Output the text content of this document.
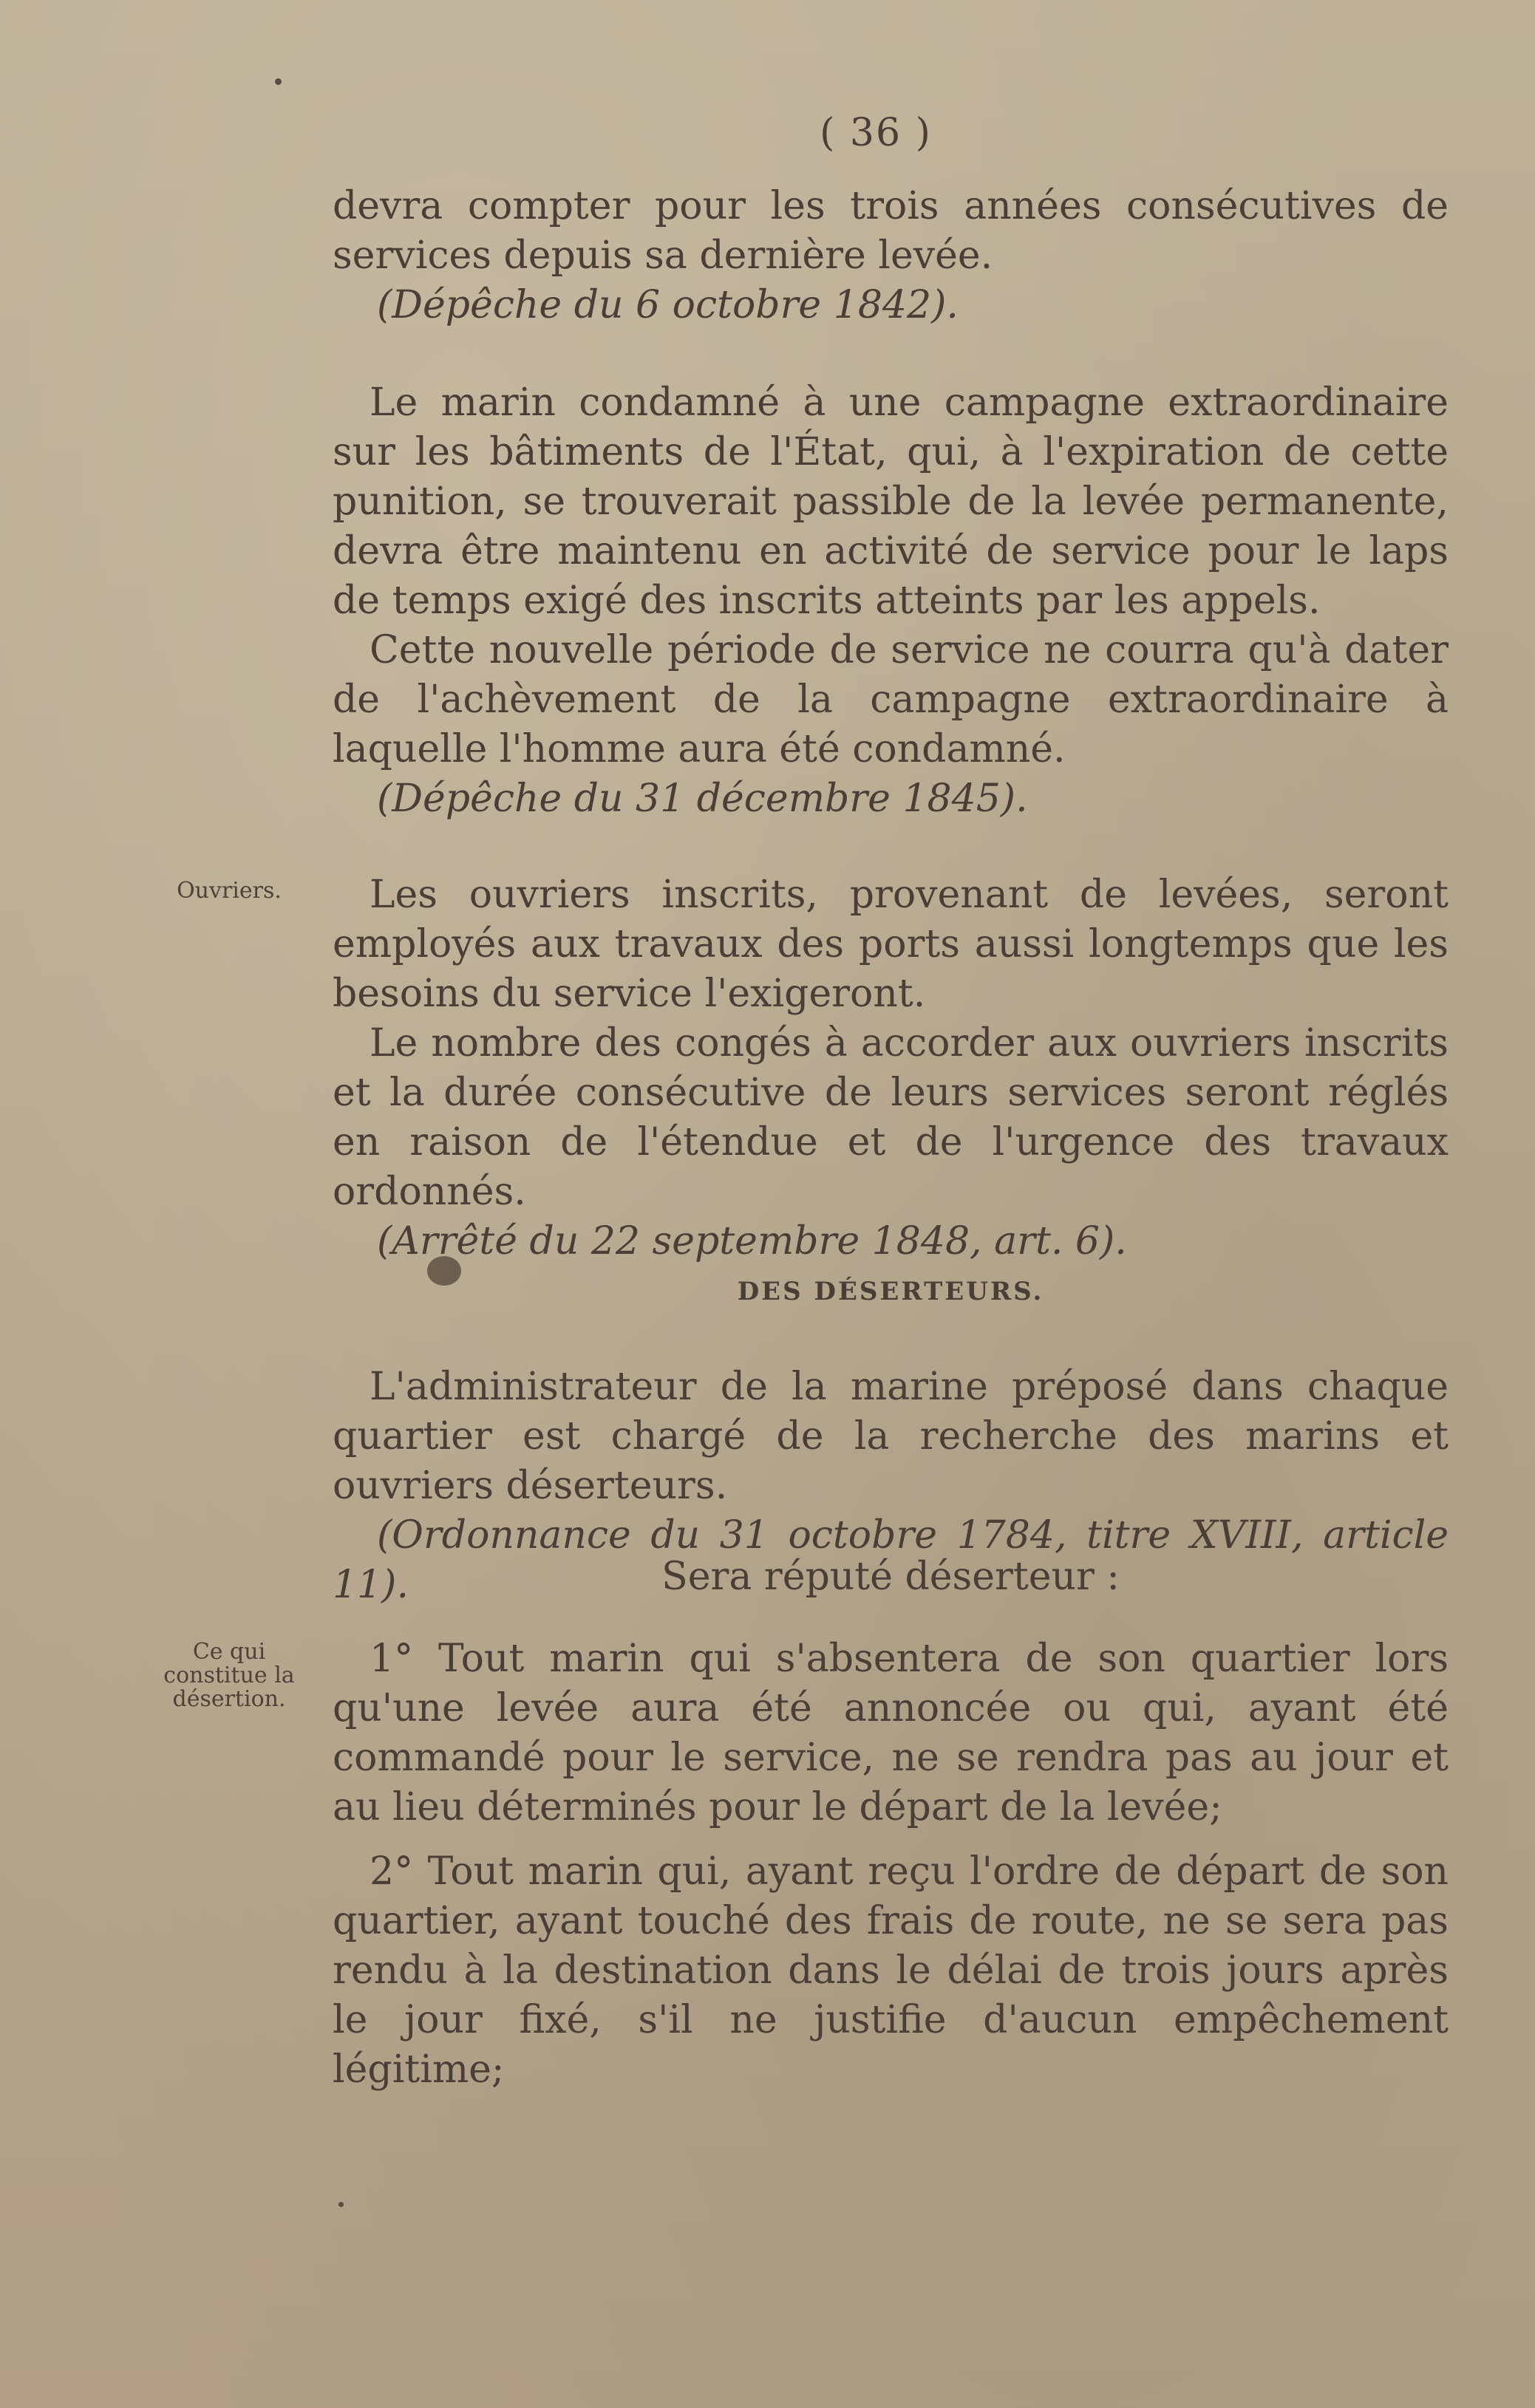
( 36 )

devra compter pour les trois années consécutives de services depuis sa dernière levée.

(Dépêche du 6 octobre 1842).

Le marin condamné à une campagne extraordinaire sur les bâtiments de l'État, qui, à l'expiration de cette punition, se trouverait passible de la levée permanente, devra être maintenu en activité de service pour le laps de temps exigé des inscrits atteints par les appels.

Cette nouvelle période de service ne courra qu'à dater de l'achèvement de la campagne extraordinaire à laquelle l'homme aura été condamné.

(Dépêche du 31 décembre 1845).

Ouvriers.	Les ouvriers inscrits, provenant de levées, seront employés aux travaux des ports aussi longtemps que les besoins du service l'exigeront.

Le nombre des congés à accorder aux ouvriers inscrits et la durée consécutive de leurs services seront réglés en raison de l'étendue et de l'urgence des travaux ordonnés.

(Arrêté du 22 septembre 1848, art. 6).

DES DÉSERTEURS.

L'administrateur de la marine préposé dans chaque quartier est chargé de la recherche des marins et ouvriers déserteurs.

(Ordonnance du 31 octobre 1784, titre XVIII, article 11).	Sera réputé déserteur :
Ce qui constitue la désertion.

1° Tout marin qui s'absentera de son quartier lors qu'une levée aura été annoncée ou qui, ayant été commandé pour le service, ne se rendra pas au jour et au lieu déterminés pour le départ de la levée;

2° Tout marin qui, ayant reçu l'ordre de départ de son quartier, ayant touché des frais de route, ne se sera pas rendu à la destination dans le délai de trois jours après le jour fixé, s'il ne justifie d'aucun empêchement légitime;
